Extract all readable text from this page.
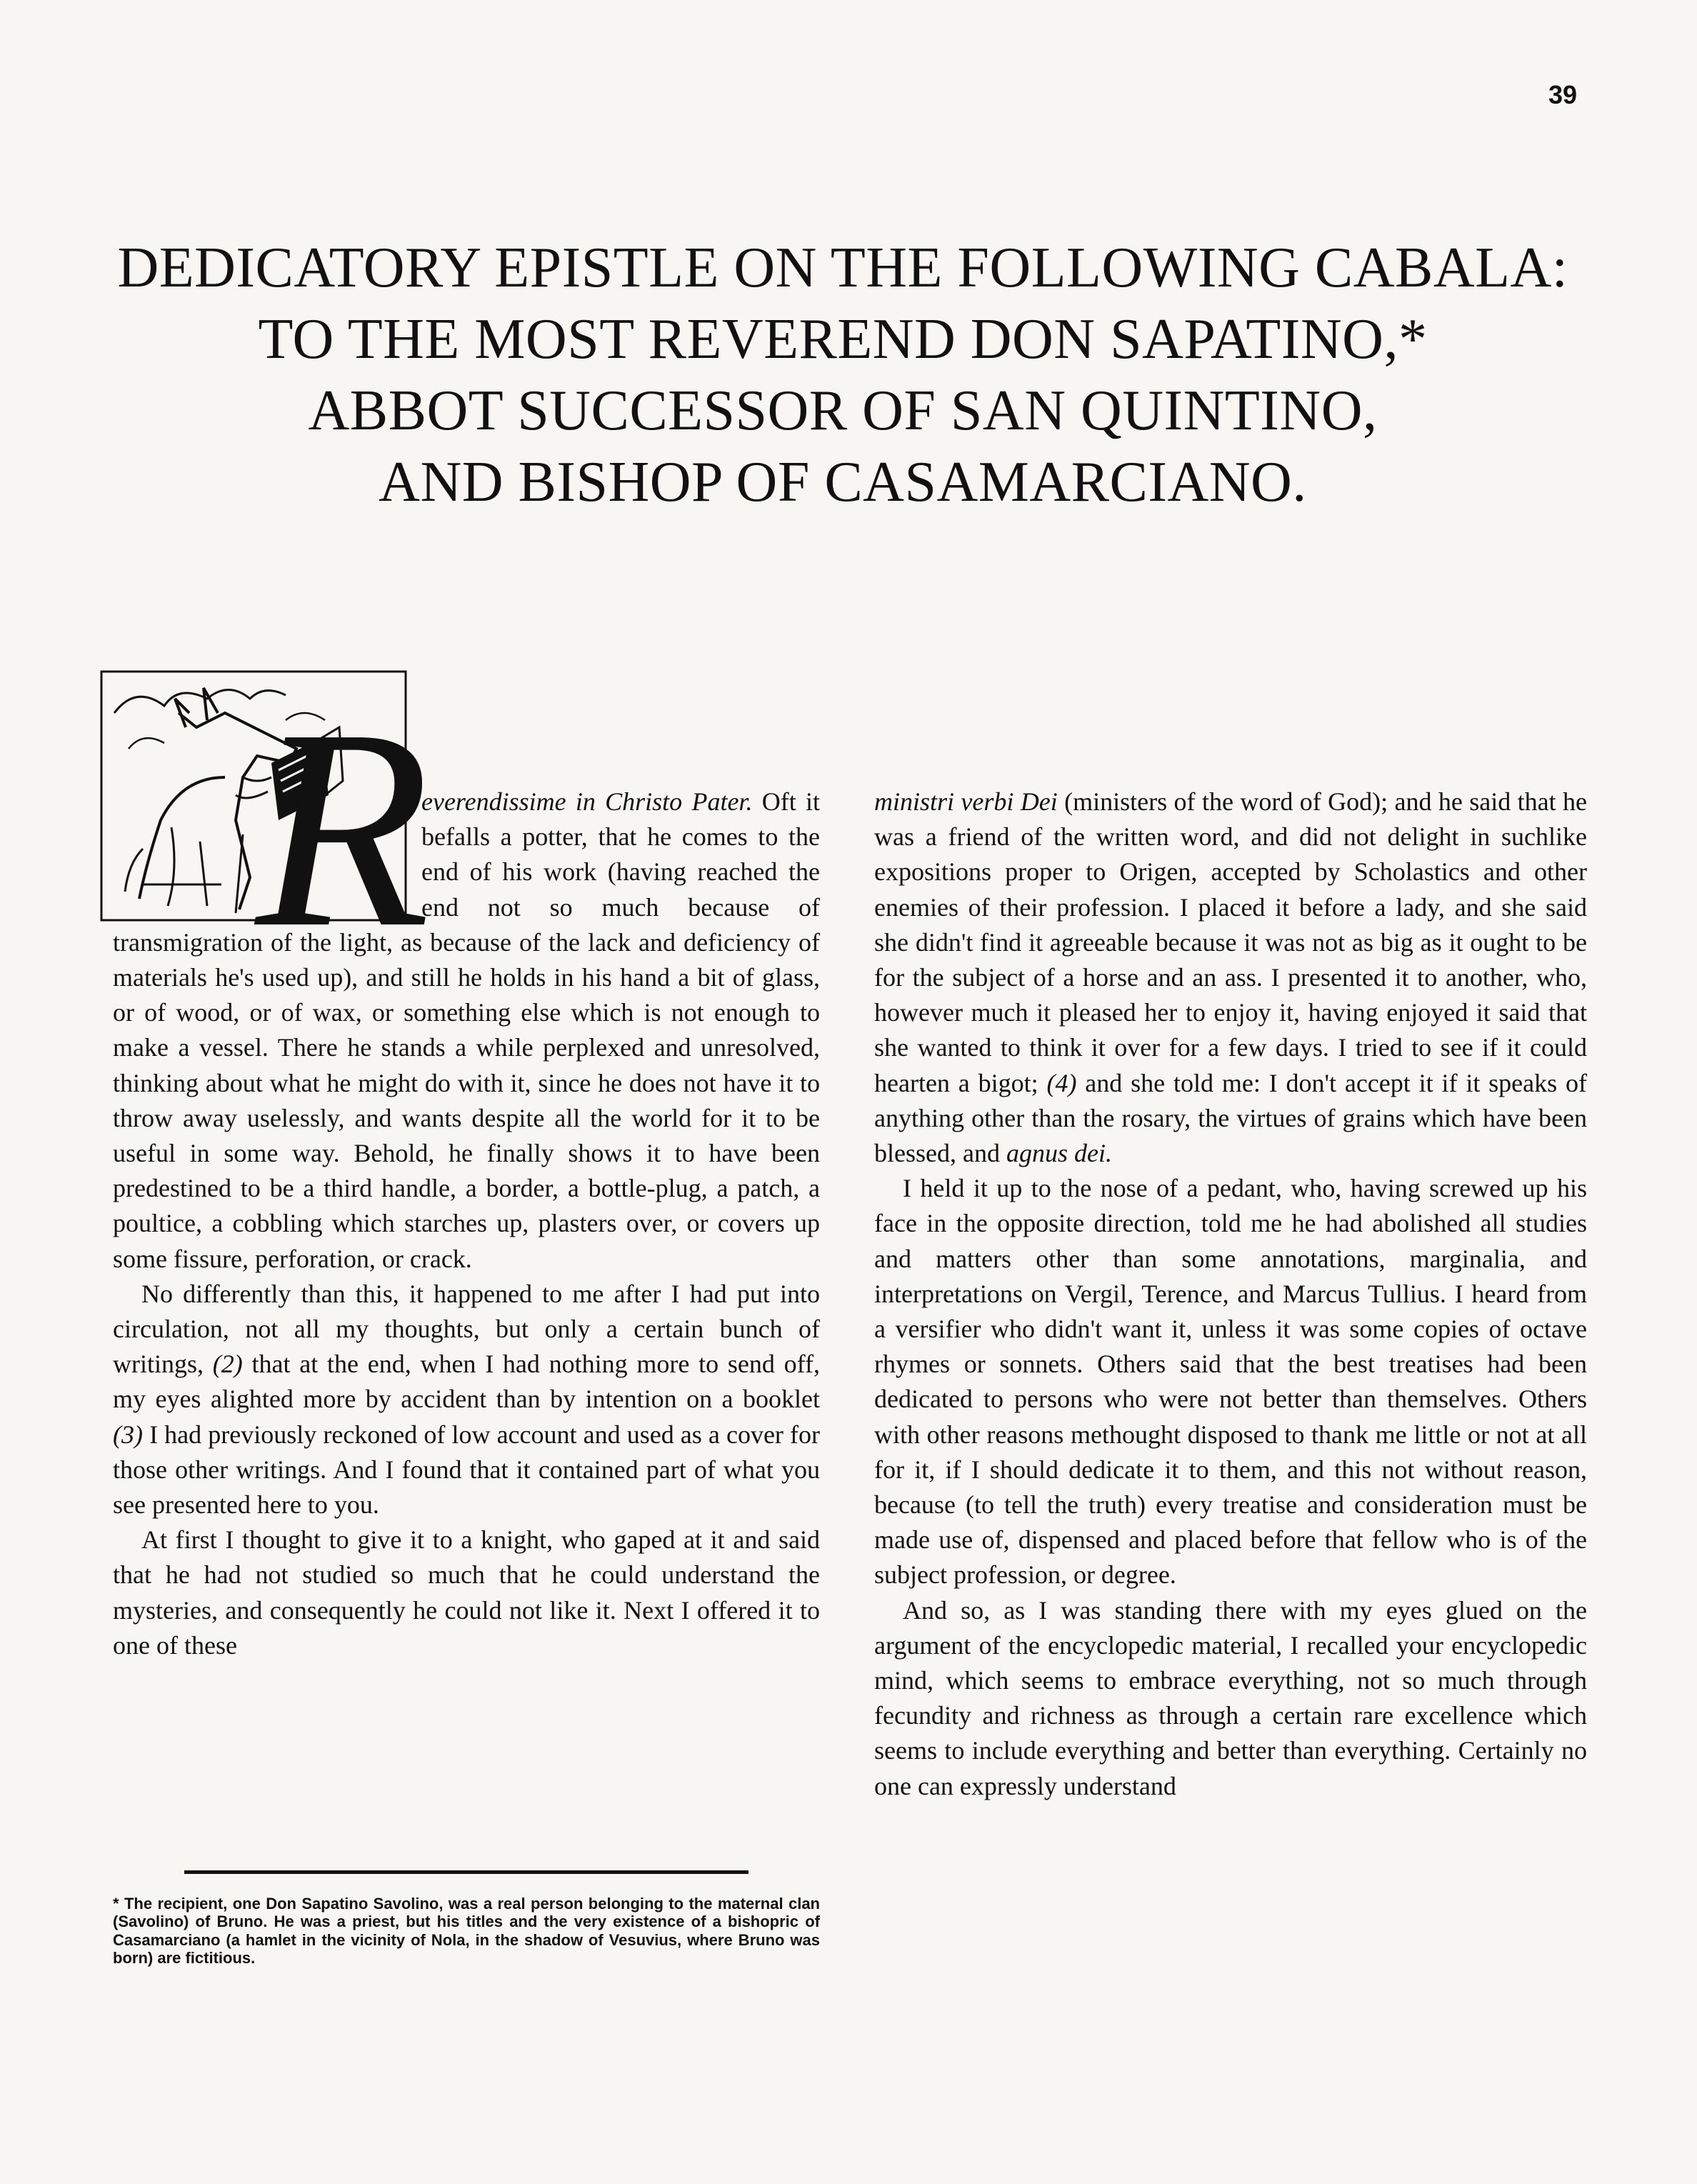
39
DEDICATORY EPISTLE ON THE FOLLOWING CABALA:
TO THE MOST REVEREND DON SAPATINO,*
ABBOT SUCCESSOR OF SAN QUINTINO,
AND BISHOP OF CASAMARCIANO.
R

everendissime in Christo Pater. Oft it befalls a potter, that he comes to the end of his work (having reached the end not so much because of transmigration of the light, as because of the lack and deficiency of materials he's used up), and still he holds in his hand a bit of glass, or of wood, or of wax, or something else which is not enough to make a vessel. There he stands a while perplexed and unresolved, thinking about what he might do with it, since he does not have it to throw away uselessly, and wants despite all the world for it to be useful in some way. Behold, he finally shows it to have been predestined to be a third handle, a border, a bottle-plug, a patch, a poultice, a cobbling which starches up, plasters over, or covers up some fissure, perforation, or crack.

No differently than this, it happened to me after I had put into circulation, not all my thoughts, but only a certain bunch of writings, (2) that at the end, when I had nothing more to send off, my eyes alighted more by accident than by intention on a booklet (3) I had previously reckoned of low account and used as a cover for those other writings. And I found that it contained part of what you see presented here to you.

At first I thought to give it to a knight, who gaped at it and said that he had not studied so much that he could understand the mysteries, and consequently he could not like it. Next I offered it to one of these

ministri verbi Dei (ministers of the word of God); and he said that he was a friend of the written word, and did not delight in suchlike expositions proper to Origen, accepted by Scholastics and other enemies of their profession. I placed it before a lady, and she said she didn't find it agreeable because it was not as big as it ought to be for the subject of a horse and an ass. I presented it to another, who, however much it pleased her to enjoy it, having enjoyed it said that she wanted to think it over for a few days. I tried to see if it could hearten a bigot; (4) and she told me: I don't accept it if it speaks of anything other than the rosary, the virtues of grains which have been blessed, and agnus dei.

I held it up to the nose of a pedant, who, having screwed up his face in the opposite direction, told me he had abolished all studies and matters other than some annotations, marginalia, and interpretations on Vergil, Terence, and Marcus Tullius. I heard from a versifier who didn't want it, unless it was some copies of octave rhymes or sonnets. Others said that the best treatises had been dedicated to persons who were not better than themselves. Others with other reasons methought disposed to thank me little or not at all for it, if I should dedicate it to them, and this not without reason, because (to tell the truth) every treatise and consideration must be made use of, dispensed and placed before that fellow who is of the subject profession, or degree.

And so, as I was standing there with my eyes glued on the argument of the encyclopedic material, I recalled your encyclopedic mind, which seems to embrace everything, not so much through fecundity and richness as through a certain rare excellence which seems to include everything and better than everything. Certainly no one can expressly understand

* The recipient, one Don Sapatino Savolino, was a real person belonging to the maternal clan (Savolino) of Bruno. He was a priest, but his titles and the very existence of a bishopric of Casamarciano (a hamlet in the vicinity of Nola, in the shadow of Vesuvius, where Bruno was born) are fictitious.
